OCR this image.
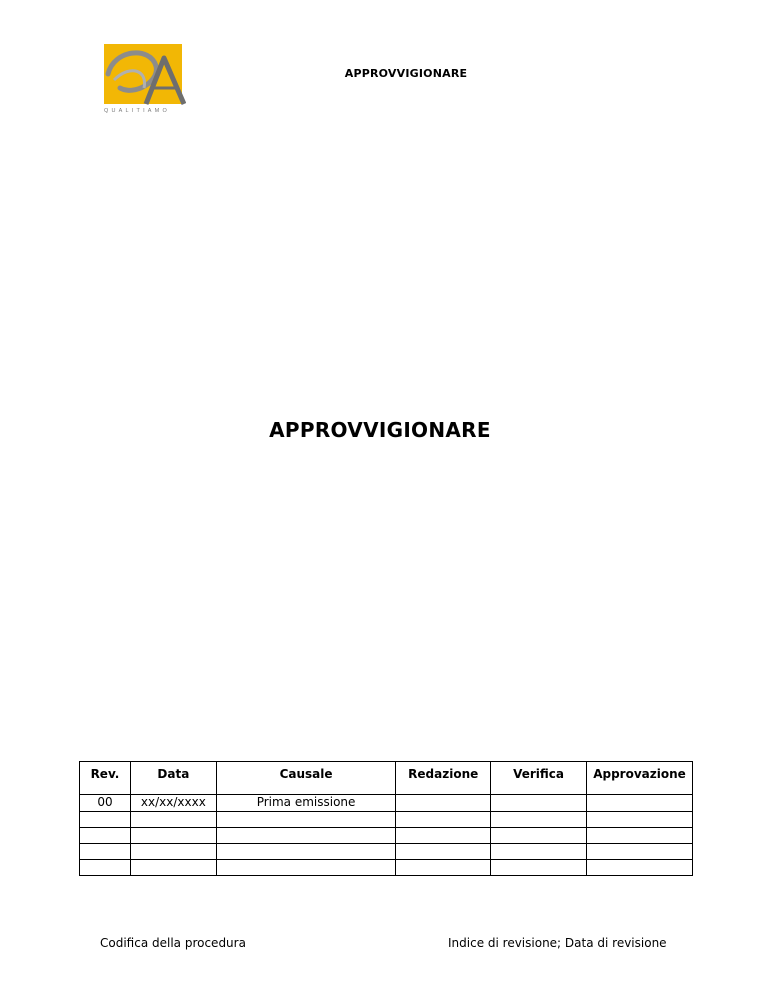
QUALITIAMO
APPROVVIGIONARE
APPROVVIGIONARE
Rev.	Data	Causale	Redazione	Verifica	Approvazione
00	xx/xx/xxxx	Prima emissione			

Codifica della procedura	Indice di revisione; Data di revisione
